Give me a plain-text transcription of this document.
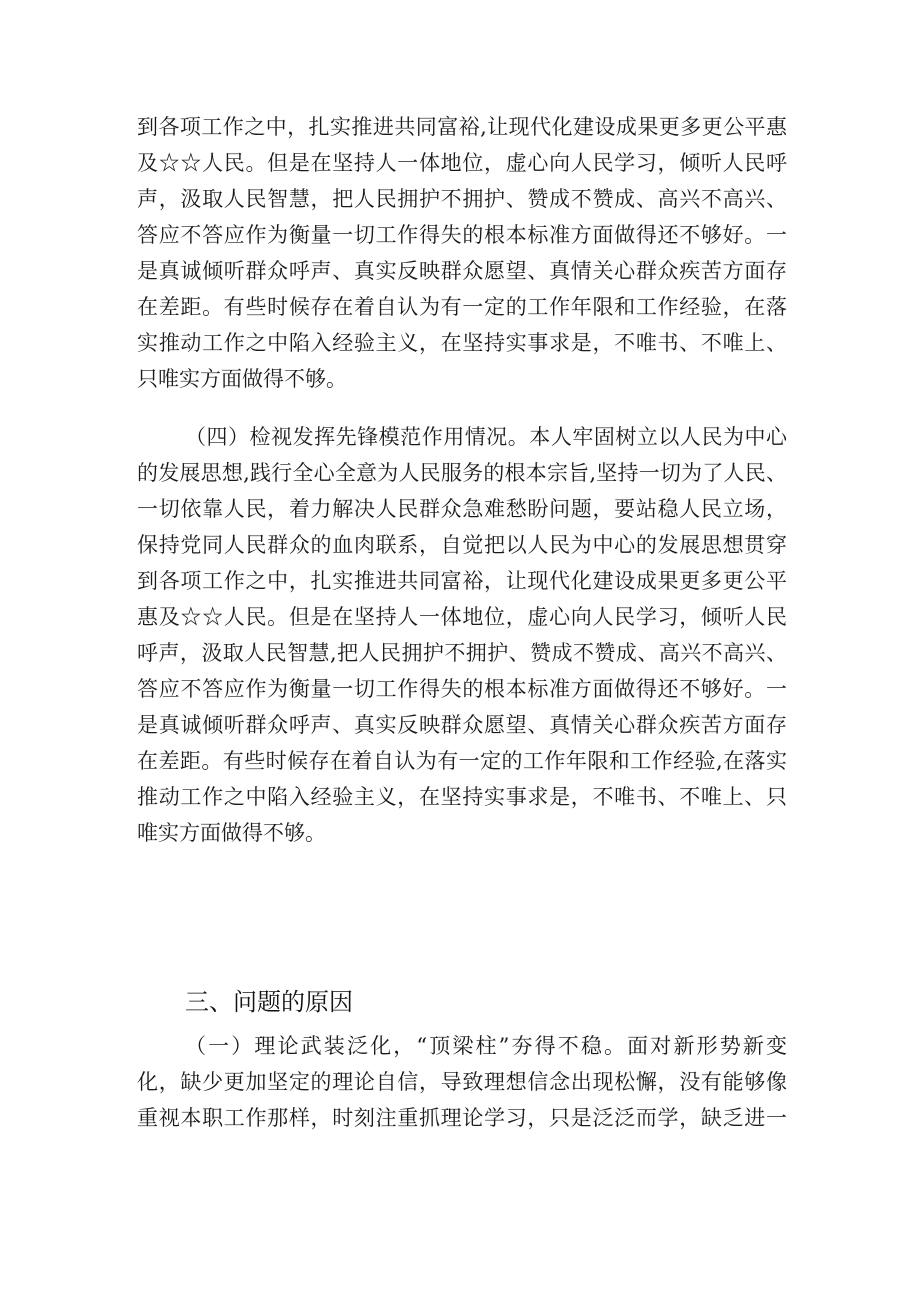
到各项工作之中，扎实推进共同富裕,让现代化建设成果更多更公平惠
及☆☆人民。但是在坚持人一体地位，虚心向人民学习，倾听人民呼
声，汲取人民智慧，把人民拥护不拥护、赞成不赞成、高兴不高兴、
答应不答应作为衡量一切工作得失的根本标准方面做得还不够好。一
是真诚倾听群众呼声、真实反映群众愿望、真情关心群众疾苦方面存
在差距。有些时候存在着自认为有一定的工作年限和工作经验，在落
实推动工作之中陷入经验主义，在坚持实事求是，不唯书、不唯上、
只唯实方面做得不够。
（四）检视发挥先锋模范作用情况。本人牢固树立以人民为中心
的发展思想,践行全心全意为人民服务的根本宗旨,坚持一切为了人民、
一切依靠人民，着力解决人民群众急难愁盼问题，要站稳人民立场，
保持党同人民群众的血肉联系，自觉把以人民为中心的发展思想贯穿
到各项工作之中，扎实推进共同富裕，让现代化建设成果更多更公平
惠及☆☆人民。但是在坚持人一体地位，虚心向人民学习，倾听人民
呼声，汲取人民智慧,把人民拥护不拥护、赞成不赞成、高兴不高兴、
答应不答应作为衡量一切工作得失的根本标准方面做得还不够好。一
是真诚倾听群众呼声、真实反映群众愿望、真情关心群众疾苦方面存
在差距。有些时候存在着自认为有一定的工作年限和工作经验,在落实
推动工作之中陷入经验主义，在坚持实事求是，不唯书、不唯上、只
唯实方面做得不够。
三、问题的原因
（一）理论武装泛化，“顶梁柱”夯得不稳。面对新形势新变
化，缺少更加坚定的理论自信，导致理想信念出现松懈，没有能够像
重视本职工作那样，时刻注重抓理论学习，只是泛泛而学，缺乏进一
